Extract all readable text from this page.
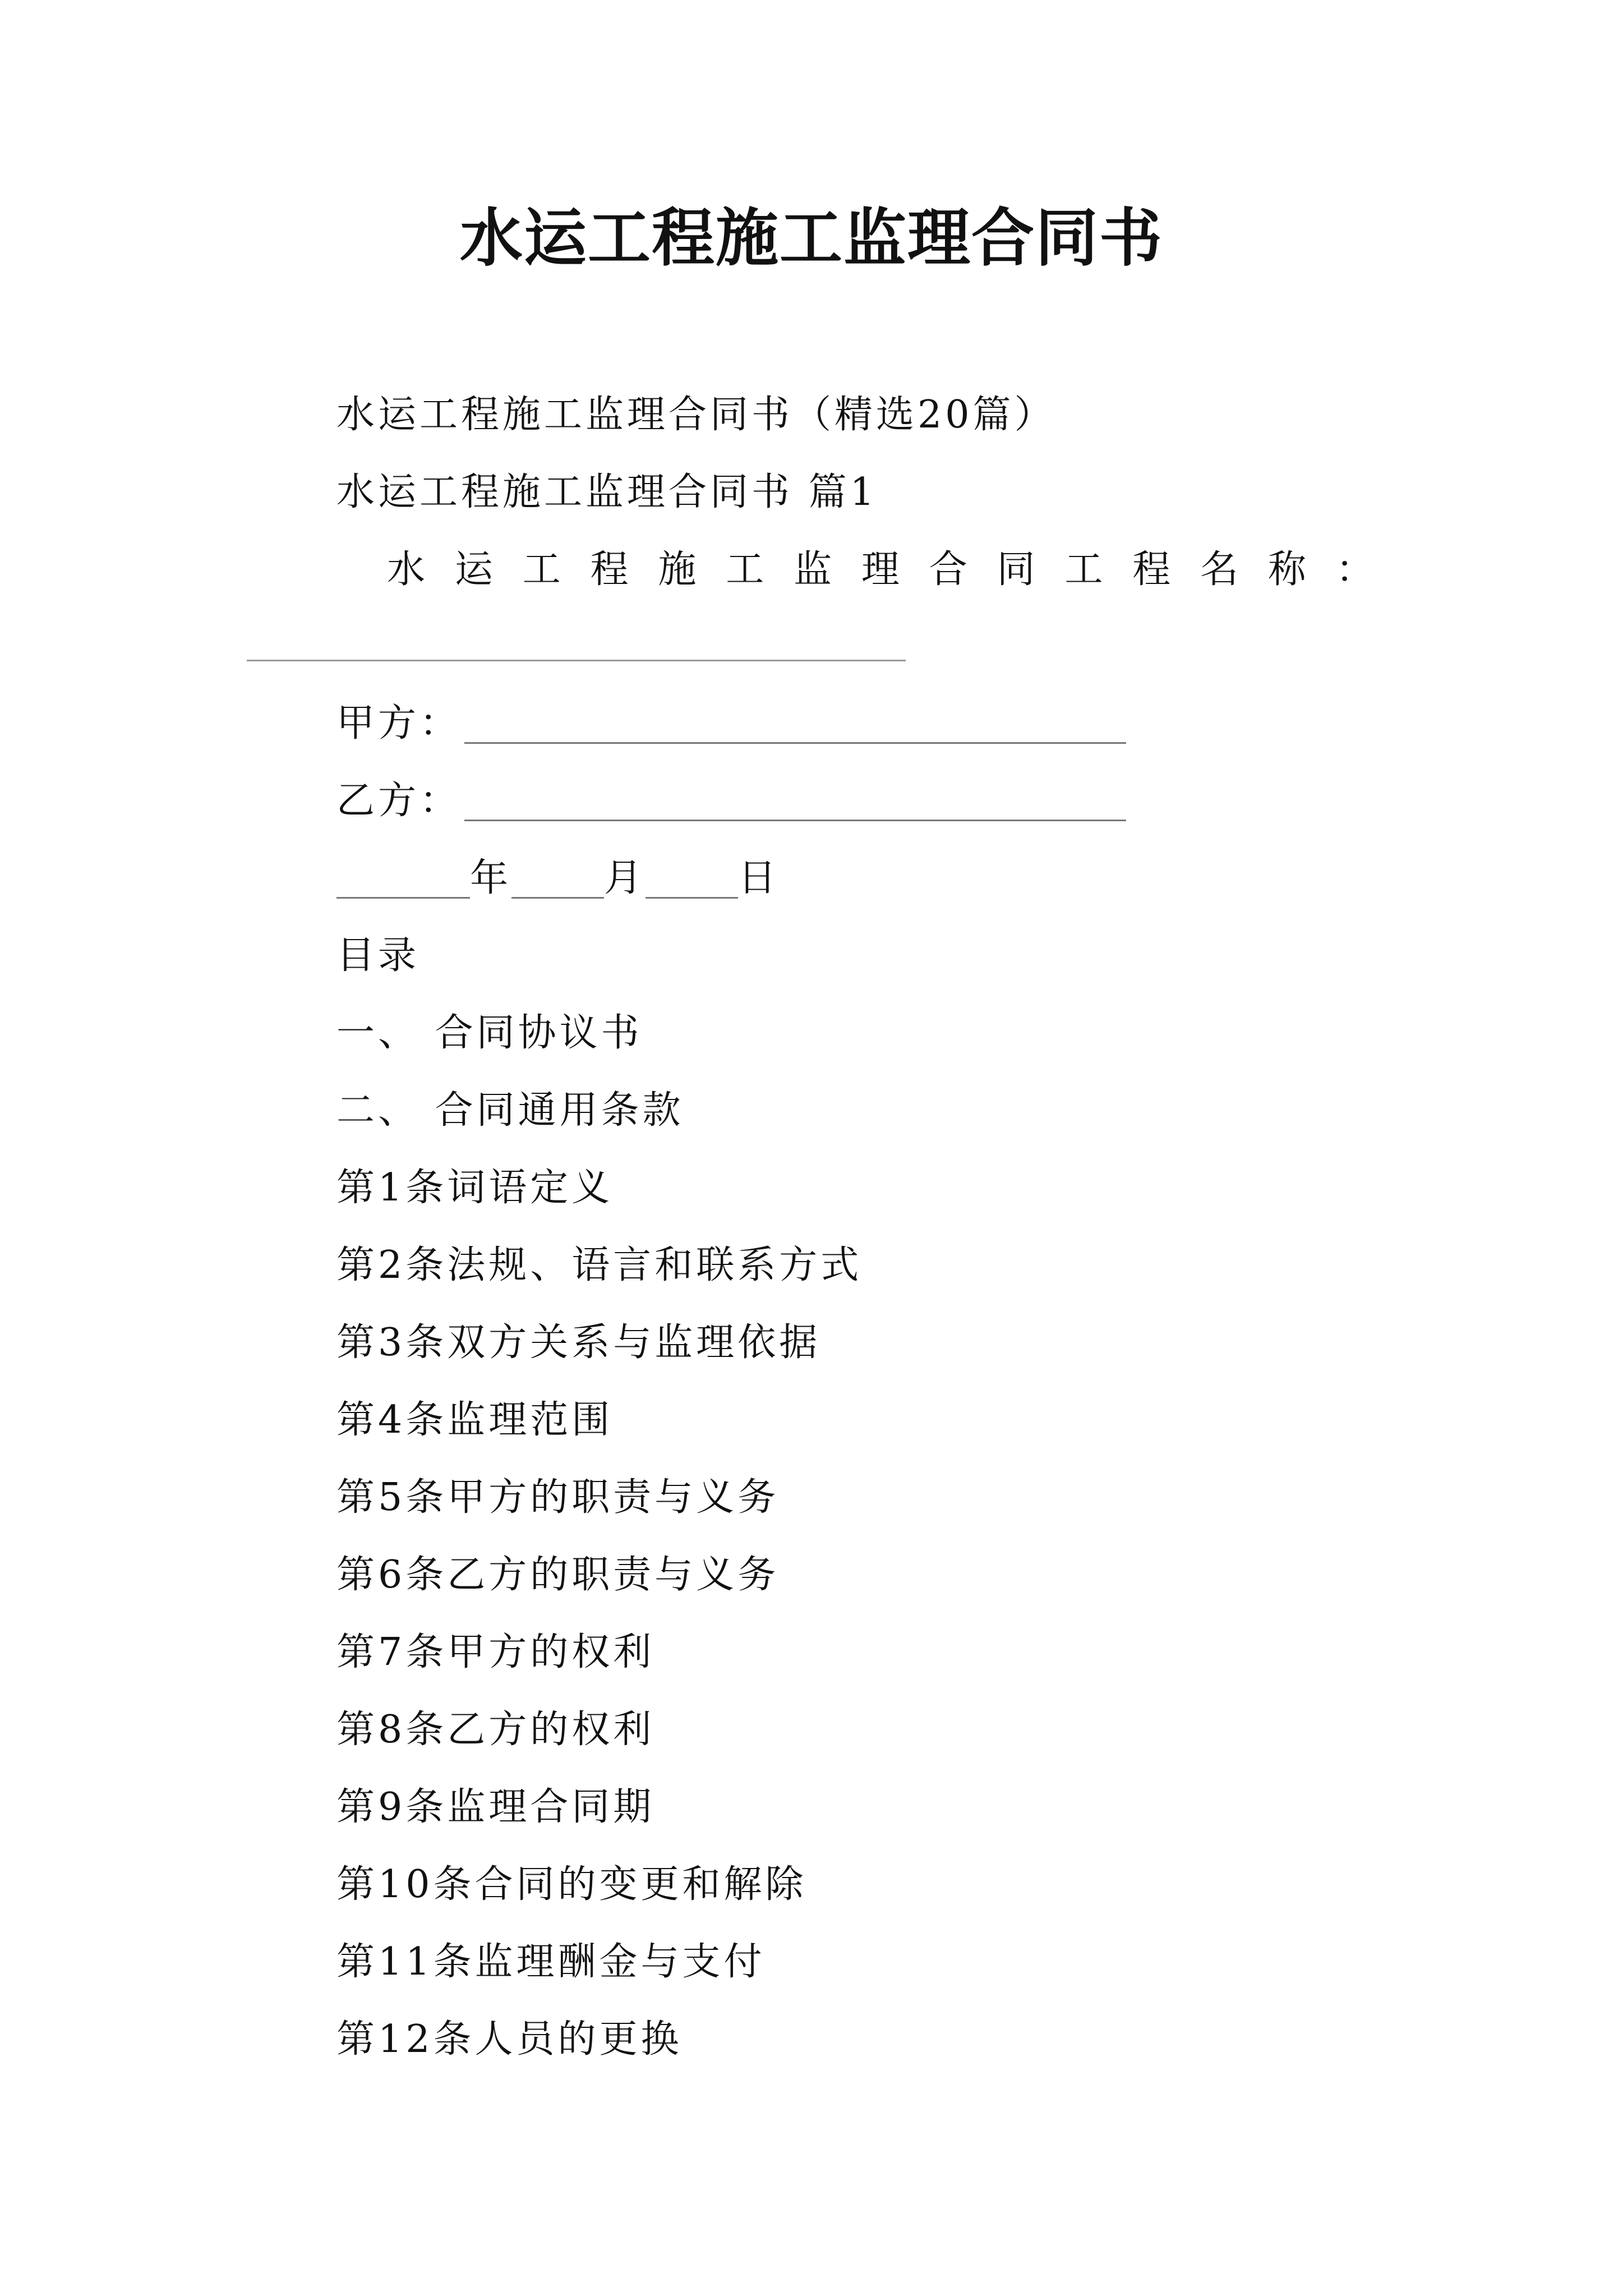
水运工程施工监理合同书
水运工程施工监理合同书（精选20篇）
水运工程施工监理合同书 篇1
水 运 工 程 施 工 监 理 合 同 工 程 名 称 ：
甲方：
乙方：
年 月 日
目录
一、 合同协议书
二、 合同通用条款
第1条词语定义
第2条法规、语言和联系方式
第3条双方关系与监理依据
第4条监理范围
第5条甲方的职责与义务
第6条乙方的职责与义务
第7条甲方的权利
第8条乙方的权利
第9条监理合同期
第10条合同的变更和解除
第11条监理酬金与支付
第12条人员的更换
